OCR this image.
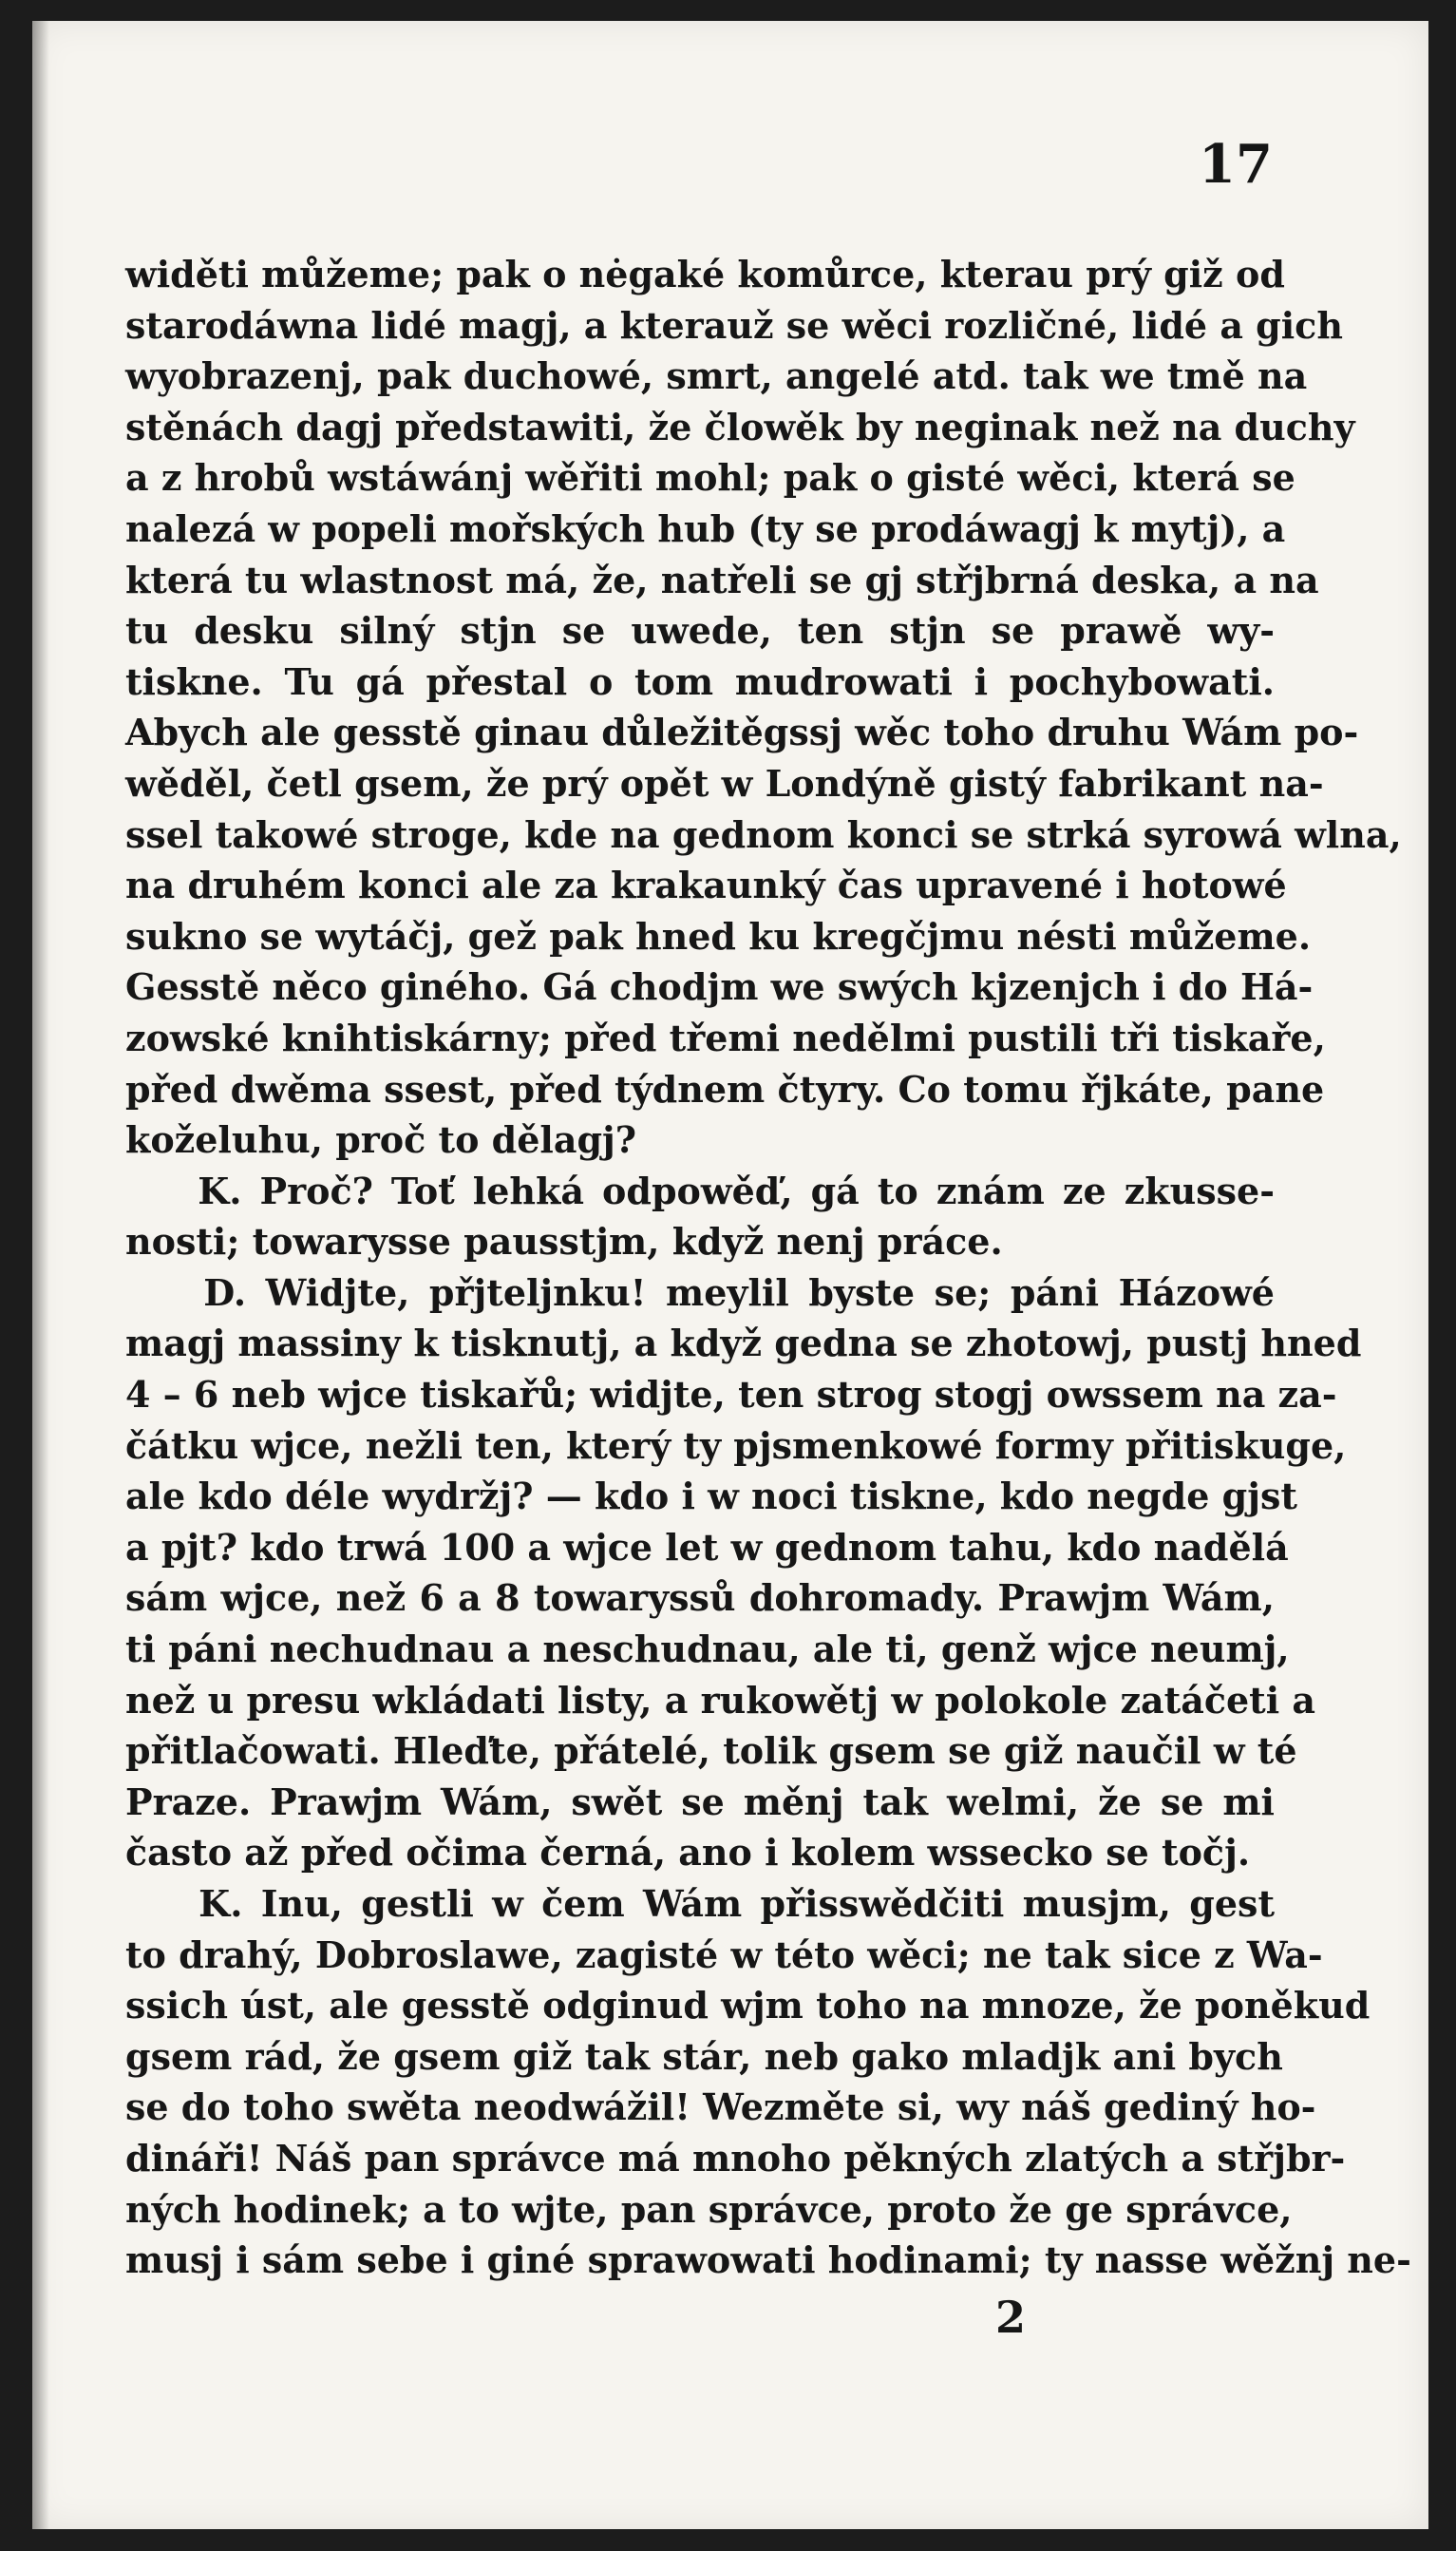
17
widěti můžeme; pak o nėgaké komůrce, kterau prý giž od
starodáwna lidé magj, a kterauž se wěci rozličné, lidé a gich
wyobrazenj, pak duchowé, smrt, angelé atd. tak we tmě na
stěnách dagj předstawiti, že člowěk by neginak než na duchy
a z hrobů wstáwánj wěřiti mohl; pak o gisté wěci, která se
nalezá w popeli mořských hub (ty se prodáwagj k mytj), a
která tu wlastnost má, že, natřeli se gj střjbrná deska, a na
tu desku silný stjn se uwede, ten stjn se prawě wy-
tiskne. Tu gá přestal o tom mudrowati i pochybowati.
Abych ale gesstě ginau důležitěgssj wěc toho druhu Wám po-
wěděl, četl gsem, že prý opět w Londýně gistý fabrikant na-
ssel takowé stroge, kde na gednom konci se strká syrowá wlna,
na druhém konci ale za krakaunký čas upravené i hotowé
sukno se wytáčj, gež pak hned ku kregčjmu nésti můžeme.
Gesstě něco giného. Gá chodjm we swých kjzenjch i do Há-
zowské knihtiskárny; před třemi nedělmi pustili tři tiskaře,
před dwěma ssest, před týdnem čtyry. Co tomu řjkáte, pane
koželuhu, proč to dělagj?
K. Proč? Toť lehká odpowěď, gá to znám ze zkusse-
nosti; towarysse pausstjm, když nenj práce.
D. Widjte, přjteljnku! meylil byste se; páni Házowé
magj massiny k tisknutj, a když gedna se zhotowj, pustj hned
4 – 6 neb wjce tiskařů; widjte, ten strog stogj owssem na za-
čátku wjce, nežli ten, který ty pjsmenkowé formy přitiskuge,
ale kdo déle wydržj? — kdo i w noci tiskne, kdo negde gjst
a pjt? kdo trwá 100 a wjce let w gednom tahu, kdo nadělá
sám wjce, než 6 a 8 towaryssů dohromady. Prawjm Wám,
ti páni nechudnau a neschudnau, ale ti, genž wjce neumj,
než u presu wkládati listy, a rukowětj w polokole zatáčeti a
přitlačowati. Hleďte, přátelé, tolik gsem se giž naučil w té
Praze. Prawjm Wám, swět se měnj tak welmi, že se mi
často až před očima černá, ano i kolem wssecko se točj.
K. Inu, gestli w čem Wám přisswědčiti musjm, gest
to drahý, Dobroslawe, zagisté w této wěci; ne tak sice z Wa-
ssich úst, ale gesstě odginud wjm toho na mnoze, že poněkud
gsem rád, že gsem giž tak stár, neb gako mladjk ani bych
se do toho swěta neodwážil! Wezměte si, wy náš gediný ho-
dináři! Náš pan správce má mnoho pěkných zlatých a střjbr-
ných hodinek; a to wjte, pan správce, proto že ge správce,
musj i sám sebe i giné sprawowati hodinami; ty nasse wěžnj ne-
2
